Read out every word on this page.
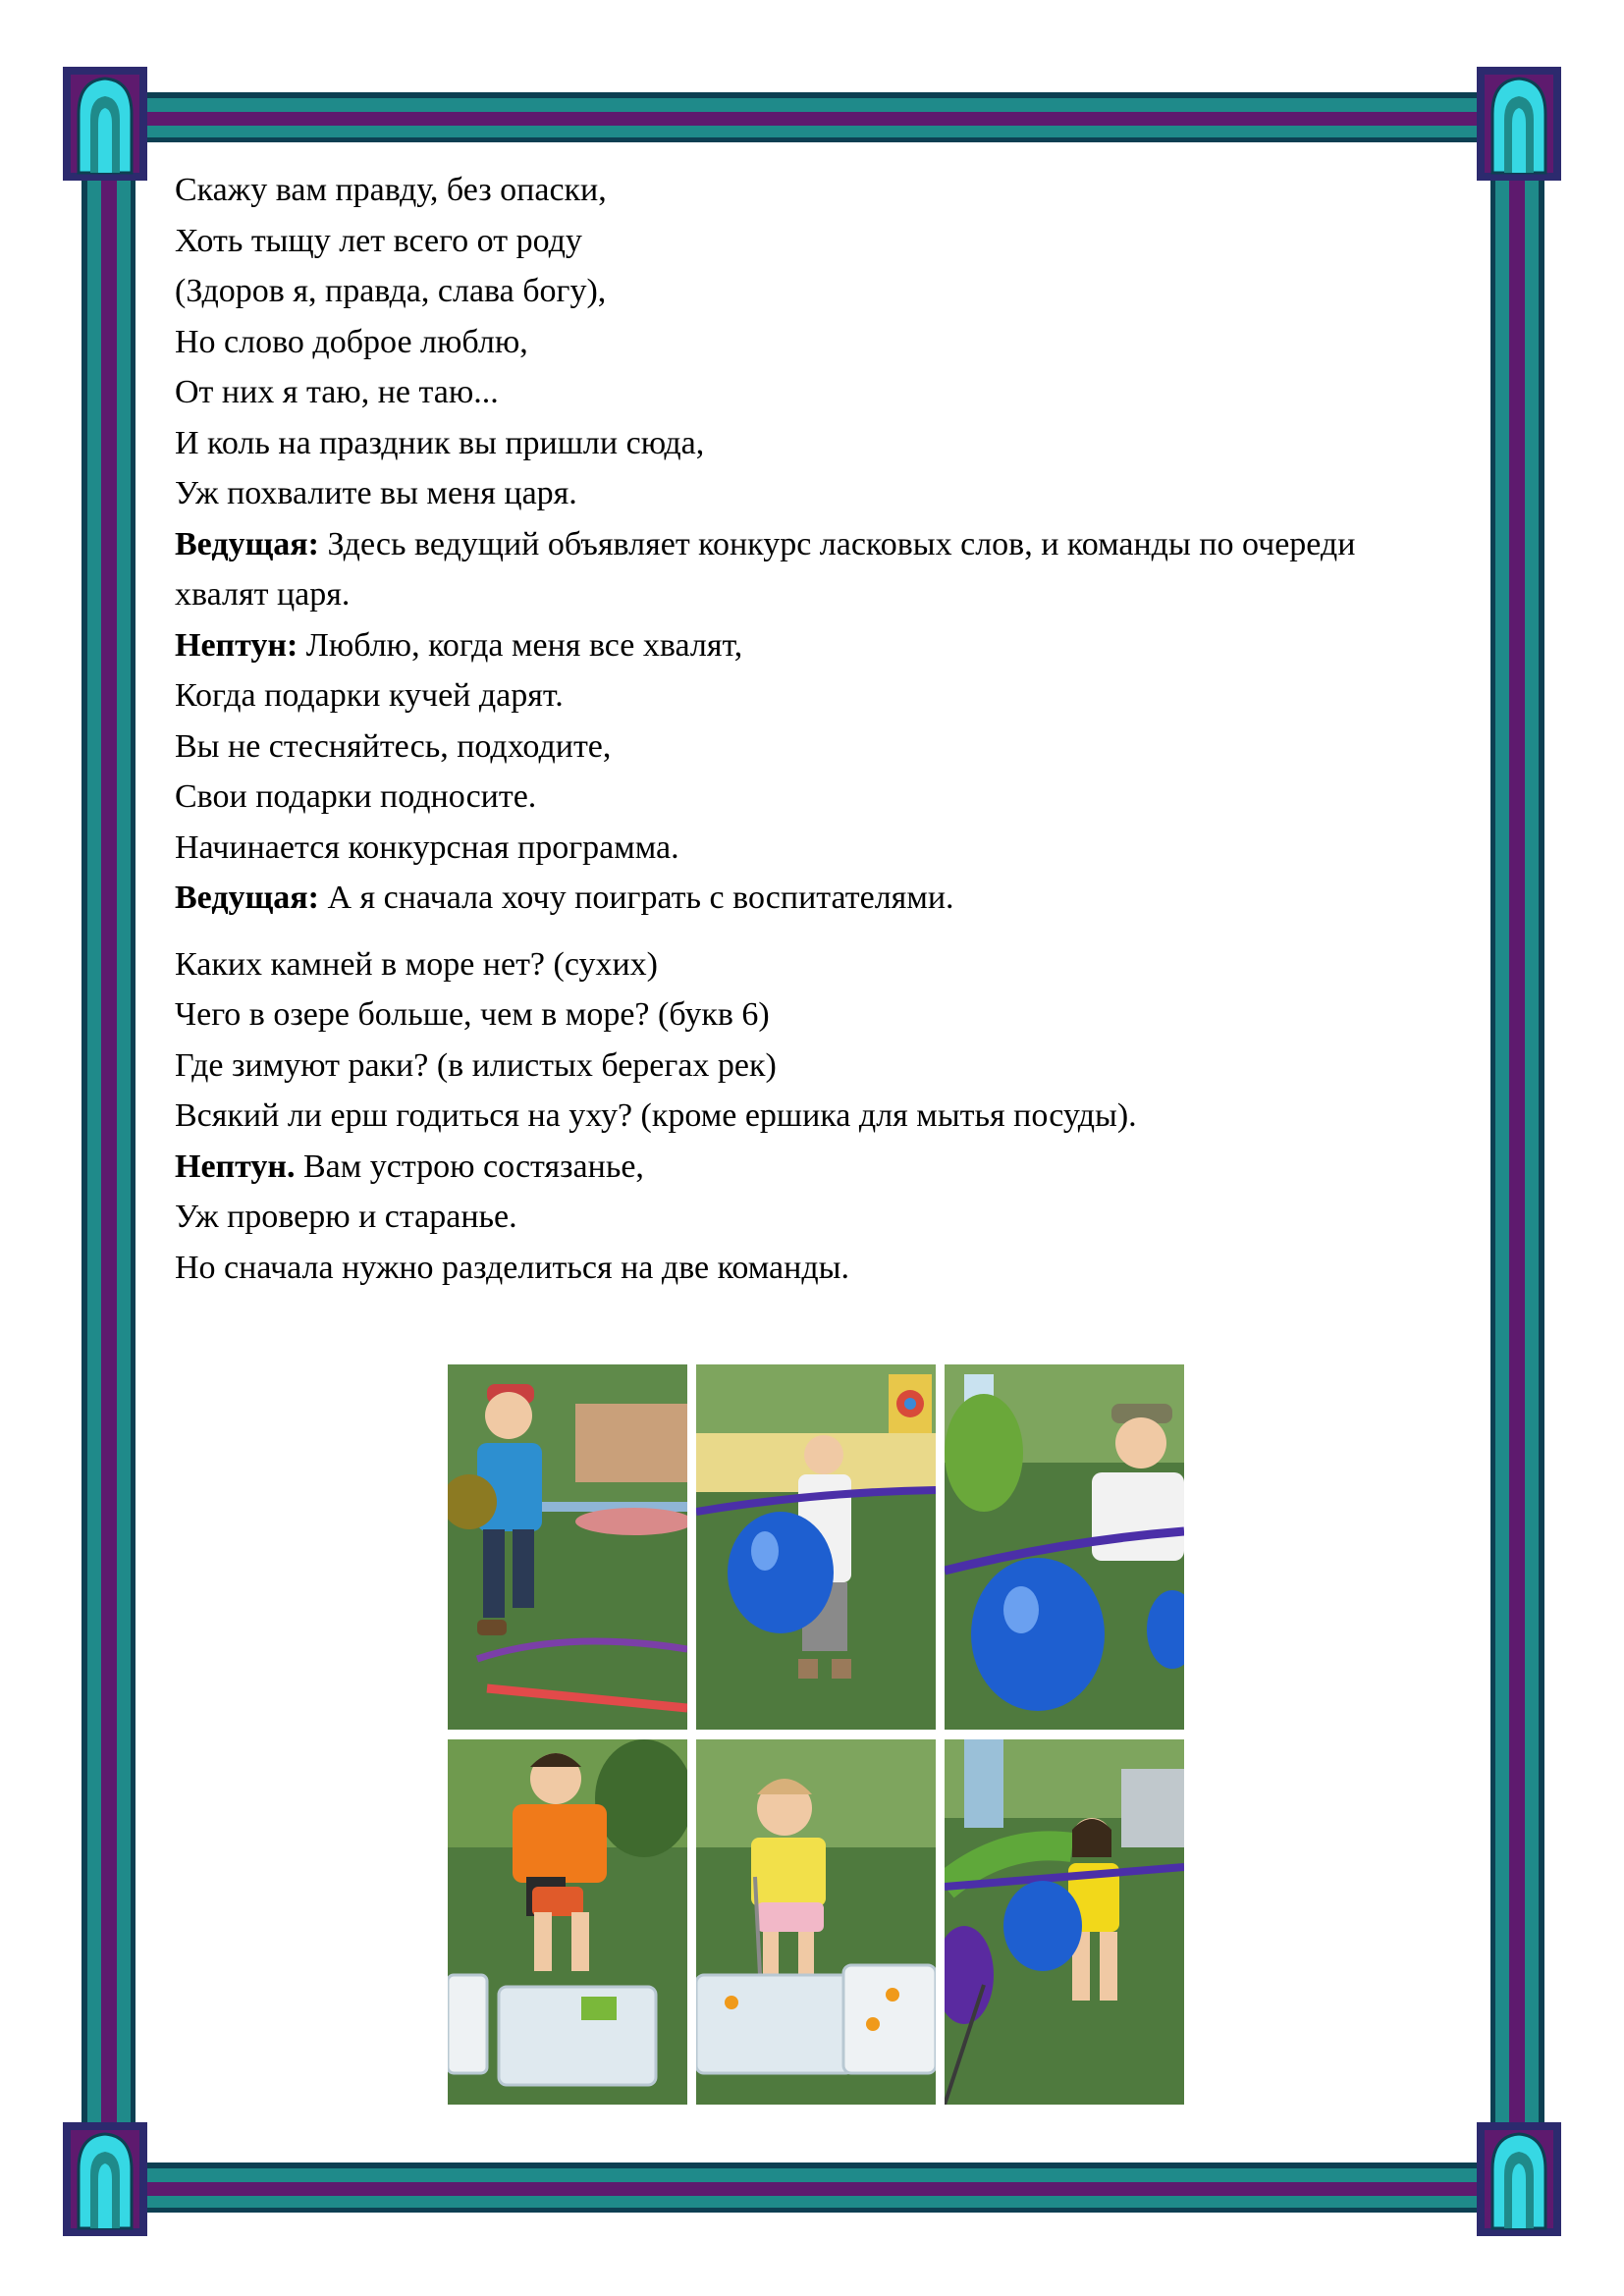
Скажу вам правду, без опаски,

Хоть тыщу лет всего от роду

(Здоров я, правда, слава богу),

Но слово доброе люблю,

От них я таю, не таю...

И коль на праздник вы пришли сюда,

Уж похвалите вы меня царя.

Ведущая: Здесь ведущий объявляет конкурс ласковых слов, и команды по очереди хвалят царя.

Нептун: Люблю, когда меня все хвалят,

Когда подарки кучей дарят.

Вы не стесняйтесь, подходите,

Свои подарки подносите.

Начинается конкурсная программа.

Ведущая: А я сначала хочу поиграть с воспитателями.

Каких камней в море нет? (сухих)

Чего в озере больше, чем в море? (букв 6)

Где зимуют раки? (в илистых берегах рек)

Всякий ли ерш годиться на уху? (кроме ершика для мытья посуды).

Нептун. Вам устрою состязанье,

Уж проверю и старанье.

Но сначала нужно разделиться на две команды.
